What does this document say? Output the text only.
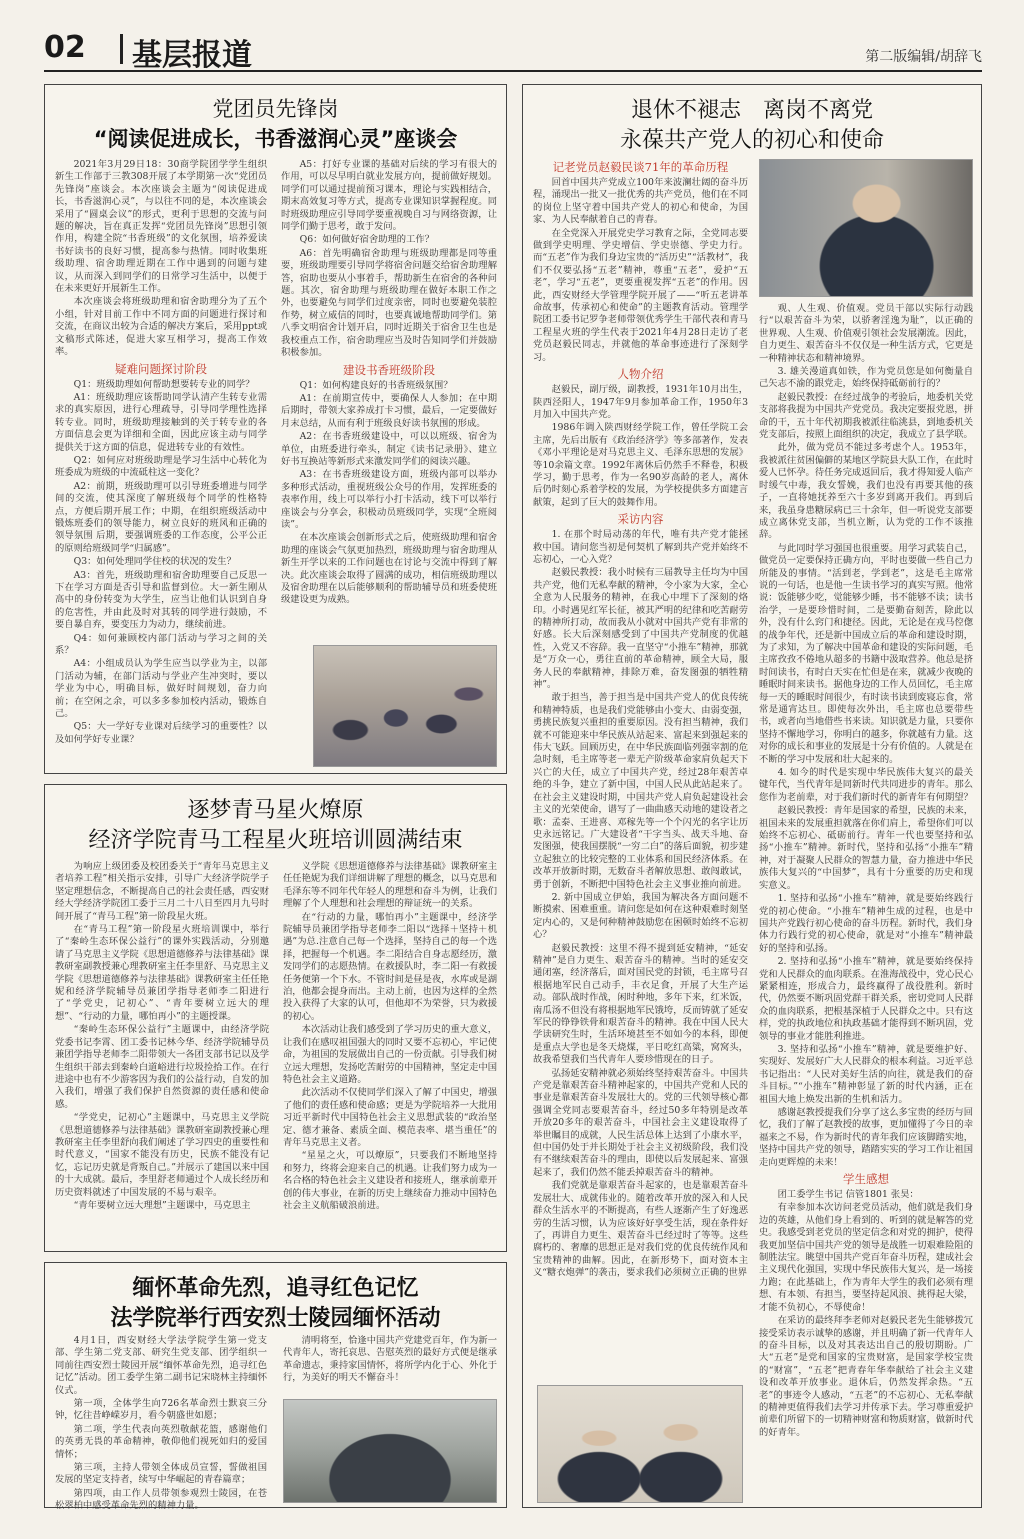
02 基层报道	第二版编辑/胡辞飞
党团员先锋岗
“阅读促进成长，书香滋润心灵”座谈会

2021年3月29日18：30商学院团学学生组织新生工作部于三教308开展了本学期第一次“党团员先锋岗”座谈会。本次座谈会主题为“阅读促进成长，书香滋润心灵”，与以往不同的是，本次座谈会采用了“圆桌会议”的形式，更利于思想的交流与问题的解决，旨在真正发挥“党团员先锋岗”思想引领作用，构建全院“书香班级”的文化氛围，培养爱读书好读书的良好习惯，提高参与热情。同时收集班级助理、宿舍助理近期在工作中遇到的问题与建议，从而深入到同学们的日常学习生活中，以便于在未来更好开展新生工作。

本次座谈会将班级助理和宿舍助理分为了五个小组，针对目前工作中不同方面的问题进行探讨和交流，在商议出较为合适的解决方案后，采用ppt或文稿形式陈述，促进大家互相学习，提高工作效率。

疑难问题探讨阶段

Q1：班级助理如何帮助想要转专业的同学？

A1：班级助理应该帮助同学认清产生转专业需求的真实原因，进行心理疏导，引导同学理性选择转专业。同时，班级助理接触到的关于转专业的各方面信息会更为详细和全面，因此应该主动与同学提供关于这方面的信息，促进转专业的有效性。

Q2：如何应对班级助理是学习生活中心转化为班委成为班级的中流砥柱这一变化？

A2：前期，班级助理可以引导班委增进与同学间的交流，使其深度了解班级每个同学的性格特点，方便后期开展工作；中期，在组织班级活动中锻炼班委们的领导能力，树立良好的班风和正确的领导氛围 后期，要强调班委的工作态度，公平公正的原则给班级同学“归属感”。

Q3：如何处理同学住校的状况的发生？

A3：首先，班级助理和宿舍助理要自己反思一下在学习方面是否引导和监督到位。大一新生刚从高中的身份转变为大学生，应当让他们认识到自身的危害性，并由此及时对其转的同学进行鼓励，不要自暴自弃，要变压力为动力，继续前进。

Q4：如何兼顾校内部门活动与学习之间的关系？

A4：小组成员认为学生应当以学业为主，以部门活动为辅，在部门活动与学业产生冲突时，要以学业为中心，明确目标，做好时间规划，奋力向前；在空闲之余，可以多多参加校内活动，锻炼自己。

Q5：大一学好专业课对后续学习的重要性？以及如何学好专业课？

A5：打好专业课的基础对后续的学习有很大的作用，可以尽早明白就业发展方向，提前做好规划。同学们可以通过提前预习课本，理论与实践相结合，期末高效复习等方式，提高专业课知识掌握程度。同时班级助理应引导同学要重视晚自习与网络资源，让同学们勤于思考，敢于发问。

Q6：如何做好宿舍助理的工作？

A6：首先明确宿舍助理与班级助理都是同等重要，班级助理要引导同学将宿舍问题交给宿舍助理解答，宿助也要从小事着手，帮助新生在宿舍的各种问题。其次，宿舍助理与班级助理在做好本职工作之外，也要避免与同学们过度亲密，同时也要避免装腔作势，树立威信的同时，也要真诚地帮助同学们。第八季文明宿舍计划开启，同时近期关于宿舍卫生也是我校重点工作，宿舍助理应当及时告知同学们并鼓励积极参加。

建设书香班级阶段

Q1：如何构建良好的书香班级氛围？

A1：在前期宣传中，要确保人人参加；在中期后期时，带领大家养成打卡习惯，最后，一定要做好月末总结，从而有利于班级良好读书氛围的形成。

A2：在书香班级建设中，可以以班级、宿舍为单位，由班委进行牵头，制定《读书记录册》、建立好书互换站等新形式来激发同学们的阅读兴趣。

A3：在书香班级建设方面，班级内部可以举办多种形式活动，重视班级公众号的作用，发挥班委的表率作用，线上可以举行小打卡活动，线下可以举行座谈会与分享会，积极动员班级同学，实现“全班阅读”。

在本次座谈会创新形式之后，使班级助理和宿舍助理的座谈会气氛更加热烈，班级助理与宿舍助理从新生开学以来的工作问题也在讨论与交流中得到了解决。此次座谈会取得了圆满的成功，相信班级助理以及宿舍助理在以后能够顺利的帮助辅导员和班委使班级建设更为成熟。

逐梦青马星火燎原
经济学院青马工程星火班培训圆满结束

为响应上级团委及校团委关于“青年马克思主义者培养工程”相关指示安排，引导广大经济学院学子坚定理想信念，不断提高自己的社会责任感，西安财经大学经济学院团工委于三月二十八日至四月九号时间开展了“青马工程”第一阶段星火班。

在“青马工程”第一阶段星火班培训课中，举行了“秦岭生态环保公益行”的课外实践活动，分别邀请了马克思主义学院《思想道德修养与法律基础》课教研室副教授兼心理教研室主任李里舒、马克思主义学院《思想道德修养与法律基础》课教研室主任任艳妮和经济学院辅导员兼团学指导老师李二阳进行了“学党史，记初心”、“青年要树立远大的理想”、“行动的力量，哪怕再小”的主题授课。

“秦岭生态环保公益行”主题课中，由经济学院党委书记李霄、团工委书记林今华、经济学院辅导员兼团学指导老师李二阳带领大一各团支部书记以及学生组织干部去到秦岭白道峪进行垃圾捡拾工作。在行进途中也有不少游客因为我们的公益行动，自发的加入我们，增强了我们保护自然资源的责任感和使命感。

“学党史，记初心”主题课中，马克思主义学院《思想道德修养与法律基础》课教研室副教授兼心理教研室主任李里舒向我们阐述了学习四史的重要性和时代意义，“国家不能没有历史，民族不能没有记忆，忘记历史就是背叛自己。”并展示了建国以来中国的十大成就。最后，李里舒老师通过个人成长经历和历史资料就述了中国发展的不易与艰辛。

“青年要树立远大理想”主题课中，马克思主

义学院《思想道德修养与法律基础》课教研室主任任艳妮为我们详细讲解了理想的概念，以马克思和毛泽东等不同年代年轻人的理想和奋斗为例，让我们理解了个人理想和社会理想的辩证统一的关系。

在“行动的力量，哪怕再小”主题课中，经济学院辅导员兼团学指导老师李二阳以“选择＋坚持＋机遇”为总.注意自己每一个选择，坚持自己的每一个选择，把握每一个机遇。李二阳结合自身志愿经历，激发同学们的志愿热情。在救援队时，李二阳一有救援任务便第一个下水。不管时间是昼是夜，水库或是湖泊，他都会提身而出。主动上前，也因为这样的全然投入获得了大家的认可，但他却不为荣誉，只为救援的初心。

本次活动让我们感受到了学习历史的重大意义，让我们在感叹祖国强大的同时又要不忘初心，牢记使命，为祖国的发展做出自己的一份贡献。引导我们树立远大理想，发扬吃苦耐劳的中国精神，坚定走中国特色社会主义道路。

此次活动不仅使同学们深入了解了中国史，增强了他们的责任感和使命感；更是为学院培养一大批用习近平新时代中国特色社会主义思想武装的“政治坚定、德才兼备、素质全面、模范表率、堪当重任”的青年马克思主义者。

“星星之火，可以燎原”，只要我们不断地坚持和努力，终将会迎来自己的机遇。让我们努力成为一名合格的特色社会主义建设者和接班人，继承前辈开创的伟大事业，在新的历史上继续奋力推动中国特色社会主义航船破浪前进。

缅怀革命先烈，追寻红色记忆
法学院举行西安烈士陵园缅怀活动

4月1日，西安财经大学法学院学生第一党支部、学生第二党支部、研究生党支部、团学组织一同前往西安烈士陵园开展“缅怀革命先烈，追寻红色记忆”活动。团工委学生第二副书记宋晓林主持缅怀仪式。

第一项，全体学生向726名革命烈士默哀三分钟，忆往昔峥嵘岁月，看今朝盛世如愿；

第二项，学生代表向英烈敬献花篮，感谢他们的英勇无畏的革命精神，敬仰他们视死如归的爱国情怀；

第三项，主持人带领全体成员宣誓，誓做祖国发展的坚定支持者，续写中华崛起的青春篇章；

第四项，由工作人员带领参观烈士陵园，在苍松翠柏中感受革命先烈的精神力量。

清明将至，恰逢中国共产党建党百年，作为新一代青年人，寄托哀思、告慰英烈的最好方式便是继承革命遗志，秉持家国情怀，将所学内化于心、外化于行，为美好的明天不懈奋斗！

退休不褪志　离岗不离党
永葆共产党人的初心和使命
记老党员赵毅民谈71年的革命历程

回首中国共产党成立100年来波澜壮阔的奋斗历程，涌现出一批又一批优秀的共产党员，他们在不同的岗位上坚守着中国共产党人的初心和使命，为国家、为人民奉献着自己的青春。

在全党深入开展党史学习教育之际，全党同志要做到学史明理、学史增信、学史崇德、学史力行。而“五老”作为我们身边宝贵的“活历史”“活教材”，我们不仅要弘扬“五老”精神，尊重“五老”，爱护“五老”，学习“五老”，更要重视发挥“五老”的作用。因此，西安财经大学管理学院开展了——“听五老讲革命故事，传承初心和使命”的主题教育活动。管理学院团工委书记罗争老师带领优秀学生干部代表和青马工程星火班的学生代表于2021年4月28日走访了老党员赵毅民同志，并就他的革命事迹进行了深刻学习。

人物介绍

赵毅民，副厅级，副教授，1931年10月出生，陕西泾阳人，1947年9月参加革命工作，1950年3月加入中国共产党。

1986年调入陕西财经学院工作，曾任学院工会主席，先后出版有《政治经济学》等多部著作，发表《邓小平理论是对马克思主义、毛泽东思想的发展》等10余篇文章。1992年离休后仍然手不释卷，积极学习，勤于思考，作为一名90岁高龄的老人，离休后仍时刻心系着学校的发展，为学校提供多方面建言献策，起到了巨大的鼓舞作用。

采访内容

1. 在那个时局动荡的年代，唯有共产党才能拯救中国。请问您当初是何契机了解到共产党并始终不忘初心，一心入党？

赵毅民教授：我小时候有三届教导主任均为中国共产党，他们无私奉献的精神，令小家为大家，全心全意为人民服务的精神，在我心中埋下了深刻的烙印。小时遇见红军长征，被其严明的纪律和吃苦耐劳的精神所打动，故而我从小就对中国共产党有非常的好感。长大后深刻感受到了中国共产党制度的优越性，入党又不容辞。我一直坚守“小推车”精神，那就是“万众一心，勇往直前的革命精神，顾全大局，服务人民的奉献精神，排除万难，奋发图强的牺牲精神”。

敢于担当，善于担当是中国共产党人的优良传统和精神特质，也是我们党能够由小变大、由弱变强，勇挑民族复兴重担的重要原因。没有担当精神，我们就不可能迎来中华民族从站起来、富起来到强起来的伟大飞跃。回顾历史，在中华民族面临列强宰割的危急时刻，毛主席等老一辈无产阶级革命家肩负起天下兴亡的大任，成立了中国共产党，经过28年艰苦卓绝的斗争，建立了新中国，中国人民从此站起来了。在社会主义建设时期，中国共产党人肩负起建设社会主义的光荣使命，谱写了一曲曲感天动地的建设者之歌：孟泰、王进喜、邓稼先等一个个闪光的名字让历史永远铭记。广大建设者“干字当头、战天斗地、奋发图强，使我国摆脱“一穷二白”的落后面貌，初步建立起独立的比较完整的工业体系和国民经济体系。在改革开放新时期，无数奋斗者解放思想、敢闯敢试，勇于创新，不断把中国特色社会主义事业推向前进。

2. 新中国成立伊始，我国为解决各方面问题不断摸索、困难重重。请问您是如何在这种艰难时刻坚定内心的，又是何种精神鼓励您在困顿时始终不忘初心？

赵毅民教授：这里不得不提到延安精神，“延安精神”是自力更生、艰苦奋斗的精神。当时的延安交通闭塞，经济落后，面对国民党的封锁，毛主席号召根据地军民自己动手，丰衣足食，开展了大生产运动。部队战时作战，闲时种地，多年下来，红米饭，南瓜汤不但没有将根据地军民饿垮，反而铸就了延安军民的铮铮铁骨和艰苦奋斗的精神。我在中国人民大学读研究生时，生活环境甚至不如如今的本科，即便是重点大学也是冬天烧煤，平日吃红高粱，窝窝头，故我希望我们当代青年人要珍惜现在的日子。

弘扬延安精神就必须始终坚持艰苦奋斗。中国共产党是靠艰苦奋斗精神起家的，中国共产党和人民的事业是靠艰苦奋斗发展壮大的。党的三代领导核心都强调全党同志要艰苦奋斗，经过50多年特别是改革开放20多年的艰苦奋斗，中国社会主义建设取得了举世瞩目的成就，人民生活总体上达到了小康水平，但中国仍处于并长期处于社会主义初级阶段，我们没有不继续艰苦奋斗的理由，即使以后发展起来、富强起来了，我们仍然不能丢掉艰苦奋斗的精神。

我们党就是靠艰苦奋斗起家的，也是靠艰苦奋斗发展壮大、成就伟业的。随着改革开放的深入和人民群众生活水平的不断提高，有些人逐渐产生了好逸恶劳的生活习惯，认为应该好好享受生活，现在条件好了，再讲自力更生、艰苦奋斗已经过时了等等。这些腐朽的、奢靡的思想正是对我们党的优良传统作风和宝贵精神的曲解。因此，在新形势下，面对资本主义“糖衣炮弹”的袭击，要求我们必须树立正确的世界

观、人生观、价值观。党员干部以实际行动践行“以艰苦奋斗为荣，以骄奢淫逸为耻”，以正确的世界观、人生观、价值观引领社会发展潮流。因此，自力更生、艰苦奋斗不仅仅是一种生活方式，它更是一种精神状态和精神境界。

3. 雄关漫道真如铁，作为党员您是如何衡量自己矢志不渝的跟党走，始终保持砥砺前行的？

赵毅民教授：在经过战争的考验后，地委机关党支部将我提为中国共产党党员。我决定要报党恩，拼命的干，五十年代初期我被派往临洮县，到地委机关党支部后，按照上面组织的决定，我成立了县学联。

此外，做为党员不能过多考虑个人。1953年，我被派往贫困偏僻的某地区学院县大队工作，在此时爱人已怀孕。待任务完成返回后，我才得知爱人临产时缓气中毒，我女誓娩，我们也没有再要其他的孩子，一直将她抚养至六十多岁到离开我们。再到后来，我虽身患糖尿病已三十余年，但一听说党支部要成立离休党支部，当机立断，认为党的工作不该推辞。

与此同时学习强国也很重要。用学习武装自己，做党员一定要保持正确方向，平时也要做一些自己力所能及的事情。“活到老，学到老”，这是毛主席常说的一句话，也是他一生读书学习的真实写照。他常说：饭能够少吃，觉能够少睡，书不能够不读；读书治学，一是要珍惜时间，二是要勤奋刻苦，除此以外，没有什么窍门和捷径。因此，无论是在戎马倥偬的战争年代，还是新中国成立后的革命和建设时期，为了求知，为了解决中国革命和建设的实际问题，毛主席孜孜不倦地从超多的书籍中汲取营养。他总是挤时间读书，有时白天实在忙但是在来，就减少夜晚的睡眠时间来读书。据他身边的工作人员回忆，毛主席每一天的睡眠时间很少，有时读书读到废寝忘食，常常是通宵达旦。即使每次外出，毛主席也总要带些书，或者向当地借些书来读。知识就是力量，只要你坚持不懈地学习，你明白的越多，你就越有力量。这对你的成长和事业的发展是十分有价值的。人就是在不断的学习中发展和壮大起来的。

4. 如今的时代是实现中华民族伟大复兴的最关键年代，当代青年是同新时代共同进步的青年。那么您作为老前辈，对于我们新时代的新青年有何期望？

赵毅民教授：青年是国家的希望，民族的未来，祖国未来的发展重担就落在你们肩上，希望你们可以始终不忘初心、砥砺前行。青年一代也要坚持和弘扬“小推车”精神。新时代，坚持和弘扬“小推车”精神，对于凝聚人民群众的智慧力量，奋力推进中华民族伟大复兴的“中国梦”，具有十分重要的历史和现实意义。

1. 坚持和弘扬“小推车”精神，就是要始终践行党的初心使命。“小推车”精神生成的过程，也是中国共产党践行初心使命的奋斗历程。新时代，我们身体力行践行党的初心使命，就是对“小推车”精神最好的坚持和弘扬。

2. 坚持和弘扬“小推车”精神，就是要始终保持党和人民群众的血肉联系。在淮海战役中，党心民心紧紧相连，形成合力，最终赢得了战役胜利。新时代，仍然要不断巩固党群干群关系，密切党同人民群众的血肉联系，把根基深植于人民群众之中。只有这样，党的执政地位和执政基础才能得到不断巩固，党领导的事业才能胜利推进。

3. 坚持和弘扬“小推车”精神，就是要维护好、实现好、发展好广大人民群众的根本利益。习近平总书记指出：“人民对美好生活的向往，就是我们的奋斗目标。”“小推车”精神彰显了新的时代内涵，正在祖国大地上焕发出新的生机和活力。

感谢赵教授提我们分享了这么多宝贵的经历与回忆，我们了解了赵教授的故事，更加懂得了今日的幸福来之不易，作为新时代的青年我们应该脚踏实地，坚持中国共产党的领导，踏踏实实的学习工作让祖国走向更辉煌的未来！

学生感想

团工委学生书记 信管1801 张昊：

有幸参加本次访问老党员活动，他们就是我们身边的英雄，从他们身上看到的、听到的就是解答的党史。我感受到老党员的坚定信念和对党的拥护，使得我更加坚信中国共产党的领导是战胜一切艰难险阻的制胜法宝。眺望中国共产党百年奋斗历程，建成社会主义现代化强国，实现中华民族伟大复兴，是一场接力跑；在此基础上，作为青年大学生的我们必须有理想、有本领、有担当，要坚持起风浪、挑得起大梁，才能不负初心，不辱使命！

在采访的最终拜李老师对赵毅民老先生能够拨冗接受采访表示诚挚的感谢，并且明确了新一代青年人的奋斗目标，以及对其表达出自己的殷切期盼。广大“五老”是党和国家的宝贵财富，是国家学校宝贵的“财富”，“五老”把青春年华奉献给了社会主义建设和改革开放事业。退休后，仍然发挥余热。“五老”的事迹令人感动，“五老”的不忘初心、无私奉献的精神更值得我们去学习并传承下去。学习尊重爱护前辈们所留下的一切精神财富和物质财富，做新时代的好青年。
